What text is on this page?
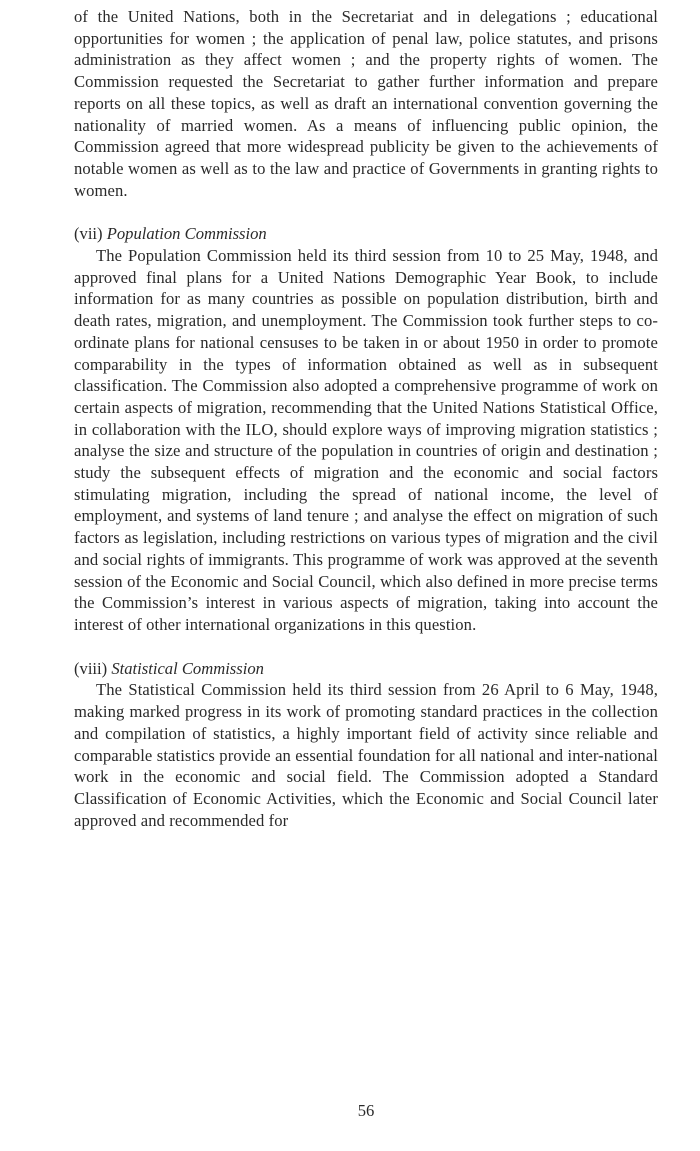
of the United Nations, both in the Secretariat and in delegations ; educational opportunities for women ; the application of penal law, police statutes, and prisons administration as they affect women ; and the property rights of women. The Commission requested the Secretariat to gather further information and prepare reports on all these topics, as well as draft an international convention governing the nationality of married women. As a means of influencing public opinion, the Commission agreed that more widespread publicity be given to the achievements of notable women as well as to the law and practice of Governments in granting rights to women.

(vii) Population Commission

The Population Commission held its third session from 10 to 25 May, 1948, and approved final plans for a United Nations Demographic Year Book, to include information for as many countries as possible on population distribution, birth and death rates, migration, and unemployment. The Commission took further steps to co-ordinate plans for national censuses to be taken in or about 1950 in order to promote comparability in the types of information obtained as well as in subsequent classification. The Commission also adopted a comprehensive programme of work on certain aspects of migration, recommending that the United Nations Statistical Office, in collaboration with the ILO, should explore ways of improving migration statistics ; analyse the size and structure of the population in countries of origin and destination ; study the subsequent effects of migration and the economic and social factors stimulating migration, including the spread of national income, the level of employment, and systems of land tenure ; and analyse the effect on migration of such factors as legislation, including restrictions on various types of migration and the civil and social rights of immigrants. This programme of work was approved at the seventh session of the Economic and Social Council, which also defined in more precise terms the Commission’s interest in various aspects of migration, taking into account the interest of other international organizations in this question.

(viii) Statistical Commission

The Statistical Commission held its third session from 26 April to 6 May, 1948, making marked progress in its work of promoting standard practices in the collection and compilation of statistics, a highly important field of activity since reliable and comparable statistics provide an essential foundation for all national and inter-national work in the economic and social field. The Commission adopted a Standard Classification of Economic Activities, which the Economic and Social Council later approved and recommended for

56
